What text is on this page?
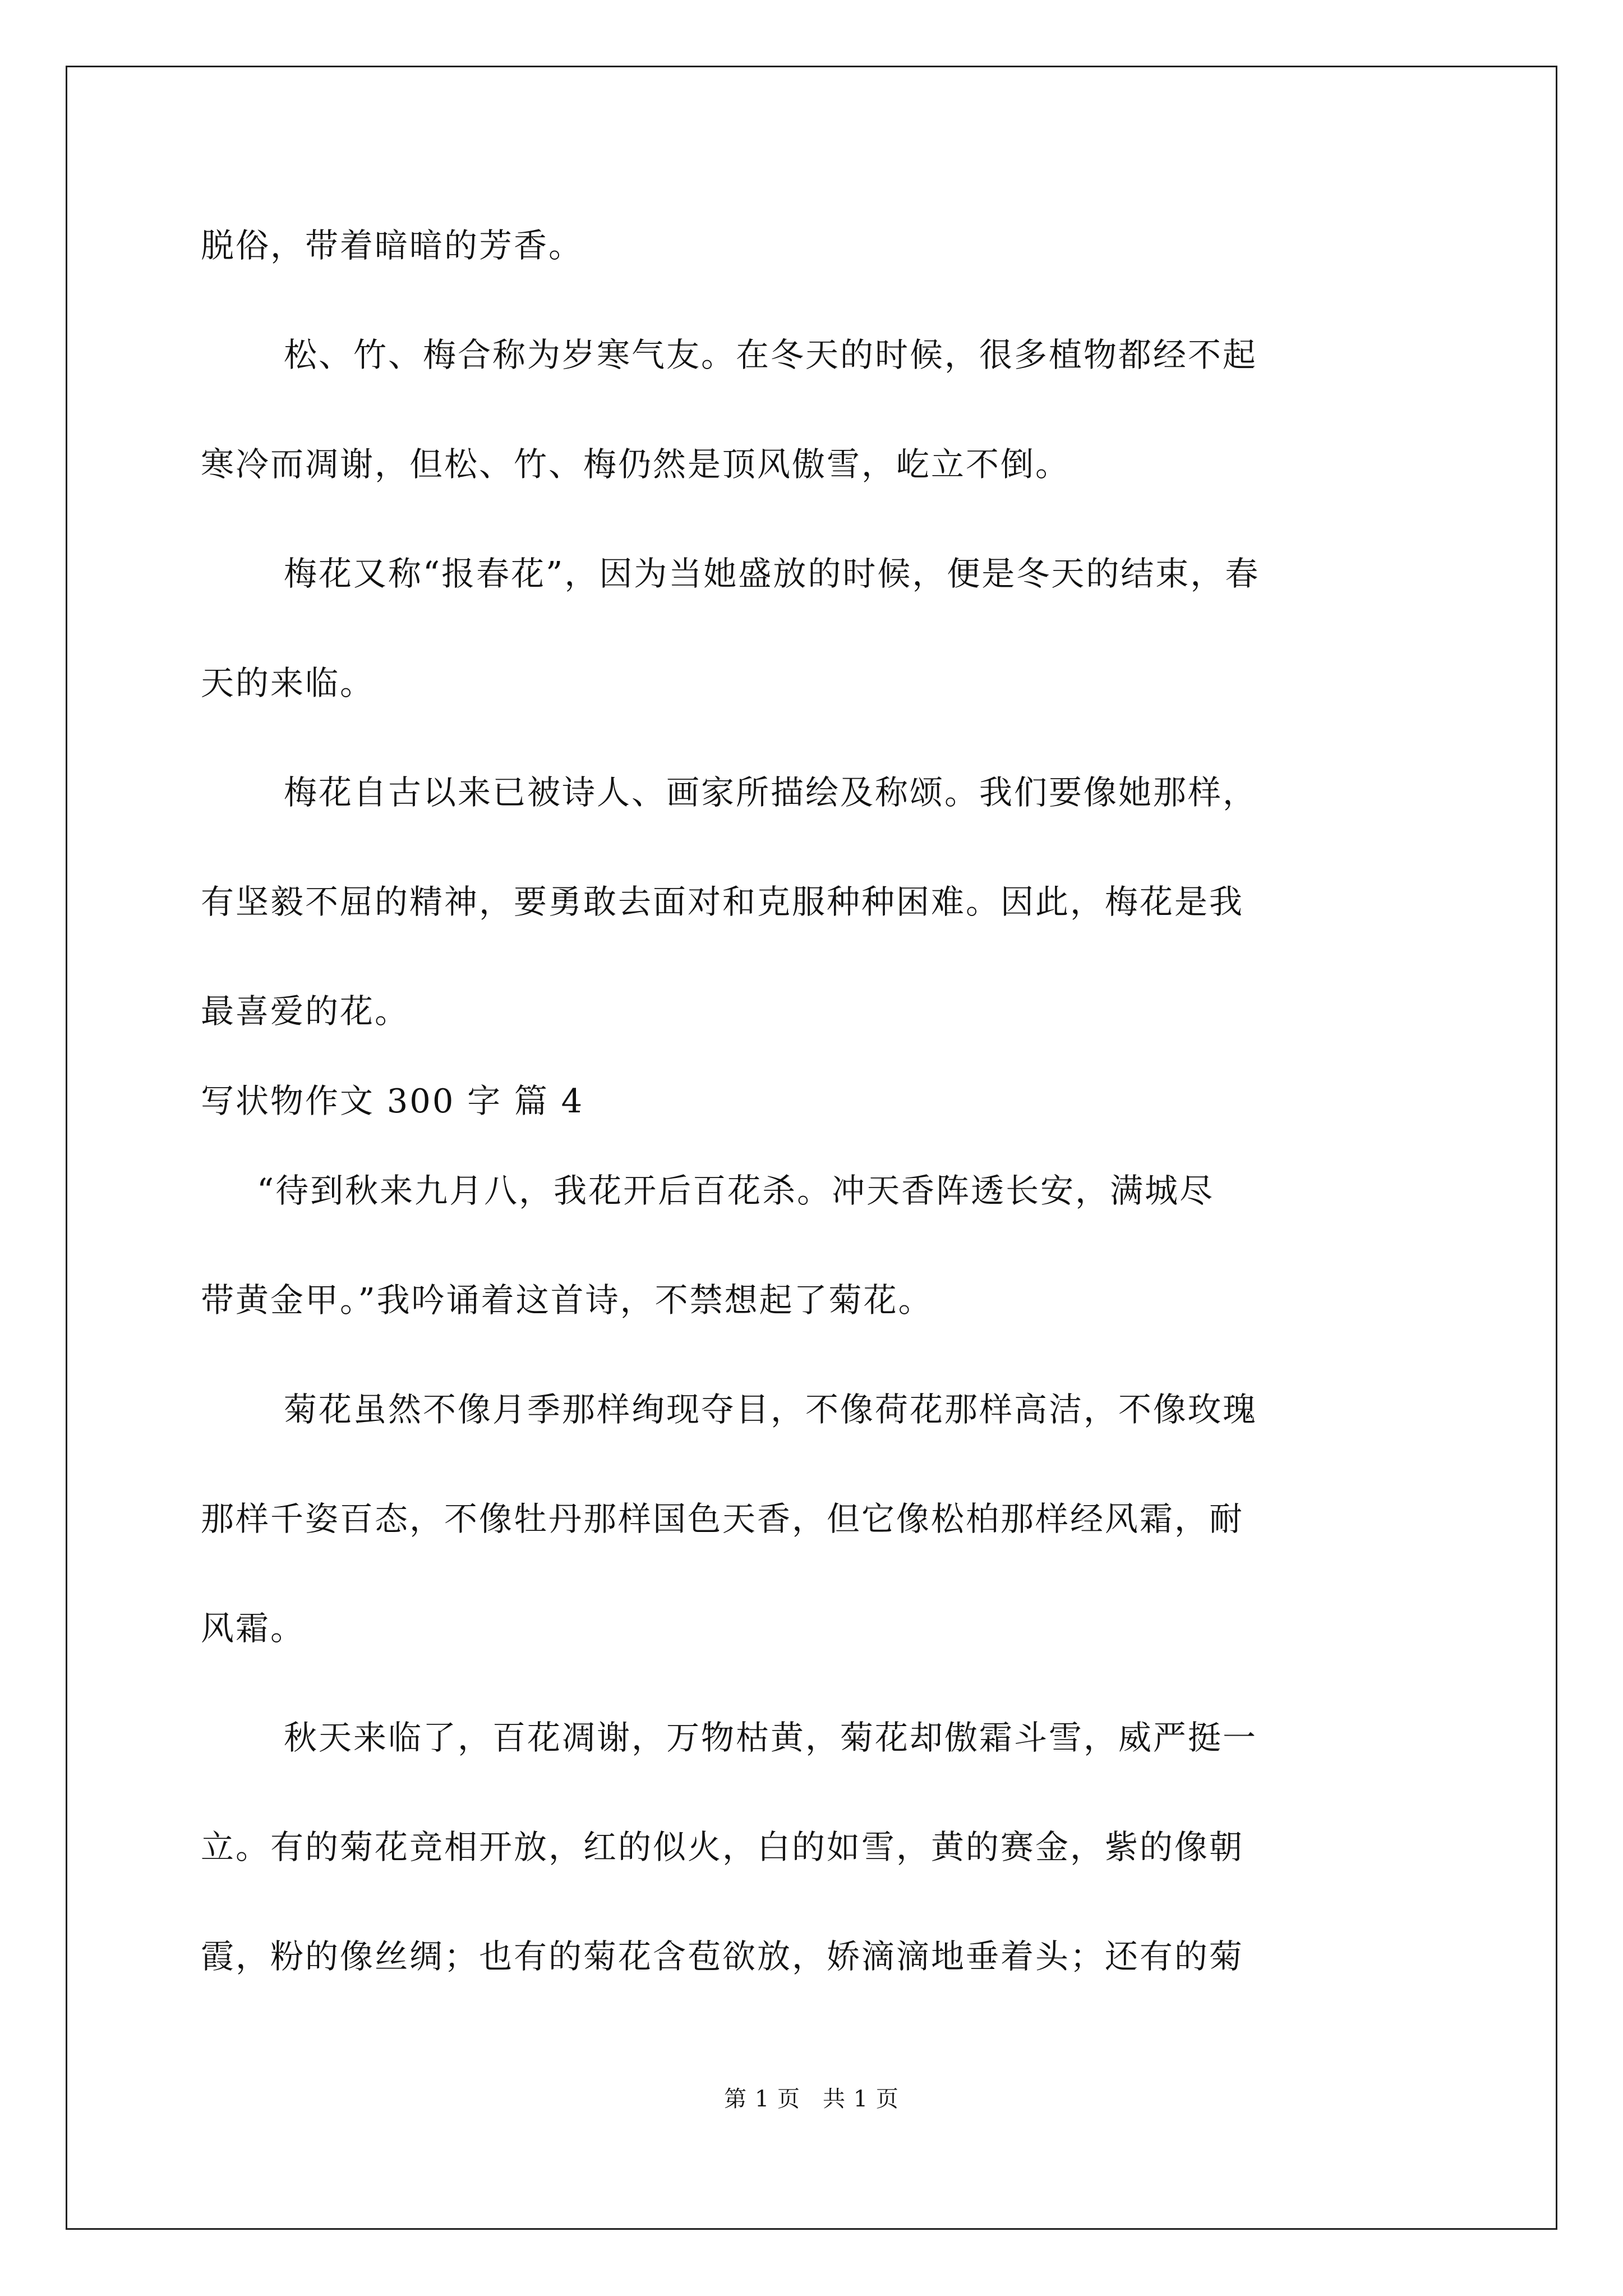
脱俗，带着暗暗的芳香。
松、竹、梅合称为岁寒气友。在冬天的时候，很多植物都经不起
寒冷而凋谢，但松、竹、梅仍然是顶风傲雪，屹立不倒。
梅花又称“报春花”，因为当她盛放的时候，便是冬天的结束，春
天的来临。
梅花自古以来已被诗人、画家所描绘及称颂。我们要像她那样，
有坚毅不屈的精神，要勇敢去面对和克服种种困难。因此，梅花是我
最喜爱的花。
写状物作文 300 字 篇 4
“待到秋来九月八，我花开后百花杀。冲天香阵透长安，满城尽
带黄金甲。”我吟诵着这首诗，不禁想起了菊花。
菊花虽然不像月季那样绚现夺目，不像荷花那样高洁，不像玫瑰
那样千姿百态，不像牡丹那样国色天香，但它像松柏那样经风霜，耐
风霜。
秋天来临了，百花凋谢，万物枯黄，菊花却傲霜斗雪，威严挺一
立。有的菊花竞相开放，红的似火，白的如雪，黄的赛金，紫的像朝
霞，粉的像丝绸；也有的菊花含苞欲放，娇滴滴地垂着头；还有的菊
第 1 页 共 1 页
